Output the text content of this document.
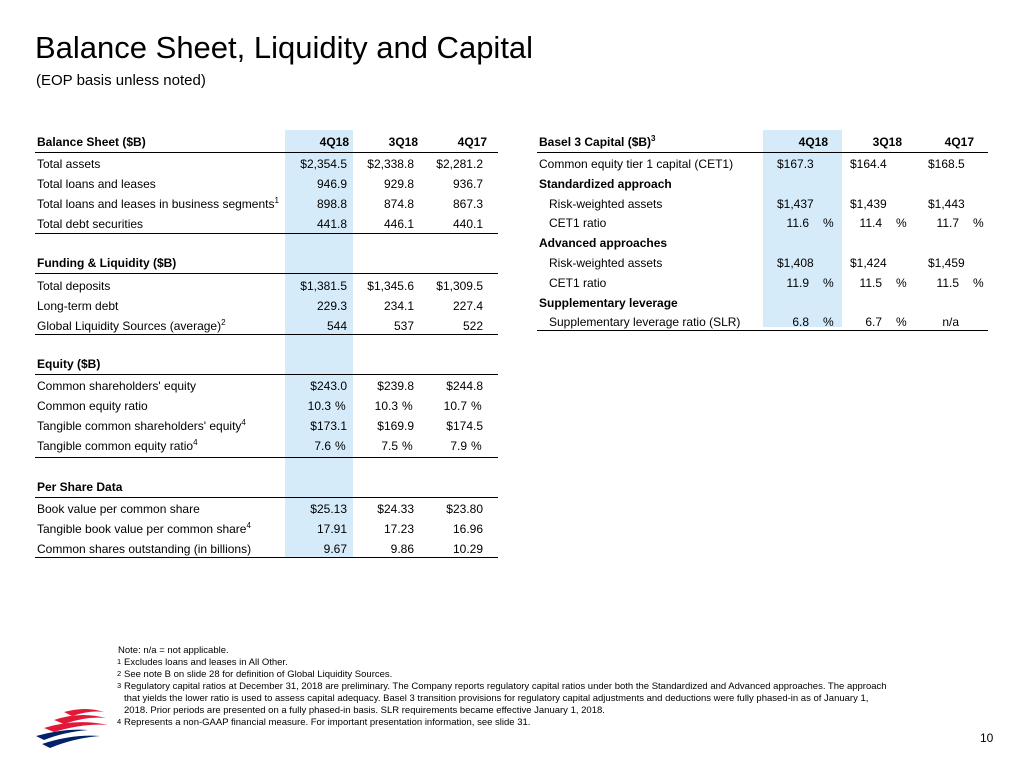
Balance Sheet, Liquidity and Capital
(EOP basis unless noted)
Balance Sheet ($B)	4Q18	3Q18	4Q17
Total assets	$2,354.5	$2,338.8	$2,281.2
Total loans and leases	946.9	929.8	936.7
Total loans and leases in business segments$^1$	898.8	874.8	867.3
Total debt securities	441.8	446.1	440.1
Funding & Liquidity ($B)
Total deposits	$1,381.5	$1,345.6	$1,309.5
Long-term debt	229.3	234.1	227.4
Global Liquidity Sources (average)$^2$	544	537	522
Equity ($B)
Common shareholders' equity	$243.0	$239.8	$244.8
Common equity ratio	10.3 %	10.3 %	10.7 %
Tangible common shareholders' equity$^4$	$173.1	$169.9	$174.5
Tangible common equity ratio$^4$	7.6 %	7.5 %	7.9 %
Per Share Data
Book value per common share	$25.13	$24.33	$23.80
Tangible book value per common share$^4$	17.91	17.23	16.96
Common shares outstanding (in billions)	9.67	9.86	10.29
Basel 3 Capital ($B)$^3$	4Q18	3Q18	4Q17
Common equity tier 1 capital (CET1)	$167.3	$164.4	$168.5
Standardized approach
Risk-weighted assets	$1,437	$1,439	$1,443
CET1 ratio	11.6 %	11.4 %	11.7 %
Advanced approaches
Risk-weighted assets	$1,408	$1,424	$1,459
CET1 ratio	11.9 %	11.5 %	11.5 %
Supplementary leverage
Supplementary leverage ratio (SLR)	6.8 %	6.7 %	n/a
Note: n/a = not applicable.
1 Excludes loans and leases in All Other.
2 See note B on slide 28 for definition of Global Liquidity Sources.
3 Regulatory capital ratios at December 31, 2018 are preliminary. The Company reports regulatory capital ratios under both the Standardized and Advanced approaches. The approach
that yields the lower ratio is used to assess capital adequacy. Basel 3 transition provisions for regulatory capital adjustments and deductions were fully phased-in as of January 1,
2018. Prior periods are presented on a fully phased-in basis. SLR requirements became effective January 1, 2018.
4 Represents a non-GAAP financial measure. For important presentation information, see slide 31.
10
